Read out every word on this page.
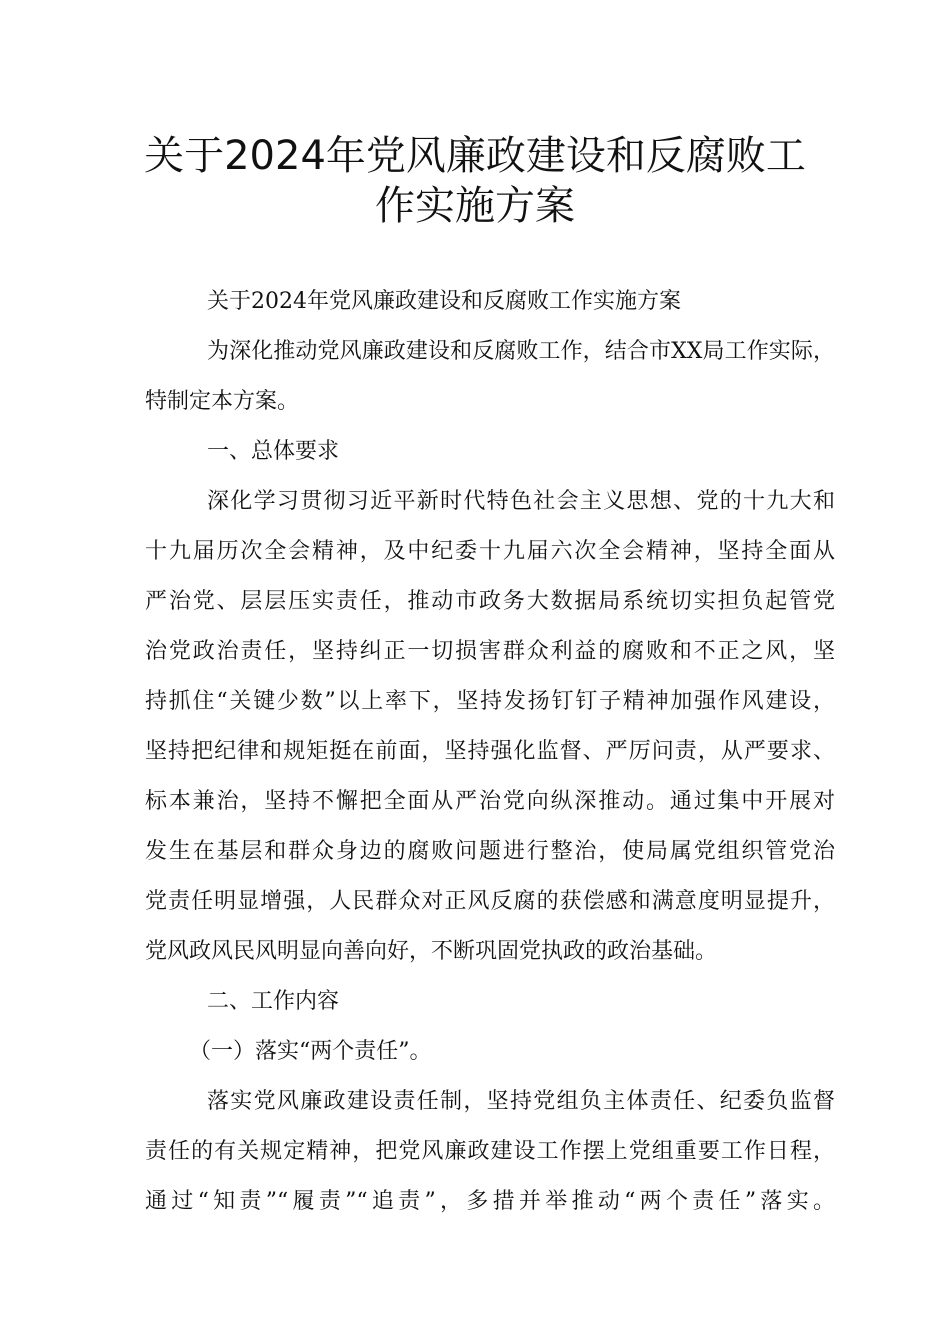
关于2024年党风廉政建设和反腐败工
作实施方案
关于2024年党风廉政建设和反腐败工作实施方案
为深化推动党风廉政建设和反腐败工作，结合市XX局工作实际，
特制定本方案。
一、总体要求
深化学习贯彻习近平新时代特色社会主义思想、党的十九大和
十九届历次全会精神，及中纪委十九届六次全会精神，坚持全面从
严治党、层层压实责任，推动市政务大数据局系统切实担负起管党
治党政治责任，坚持纠正一切损害群众利益的腐败和不正之风，坚
持抓住“关键少数”以上率下，坚持发扬钉钉子精神加强作风建设，
坚持把纪律和规矩挺在前面，坚持强化监督、严厉问责，从严要求、
标本兼治，坚持不懈把全面从严治党向纵深推动。通过集中开展对
发生在基层和群众身边的腐败问题进行整治，使局属党组织管党治
党责任明显增强，人民群众对正风反腐的获偿感和满意度明显提升，
党风政风民风明显向善向好，不断巩固党执政的政治基础。
二、工作内容
（一）落实“两个责任”。
落实党风廉政建设责任制，坚持党组负主体责任、纪委负监督
责任的有关规定精神，把党风廉政建设工作摆上党组重要工作日程，
通过“知责”“履责”“追责”，多措并举推动“两个责任”落实。
